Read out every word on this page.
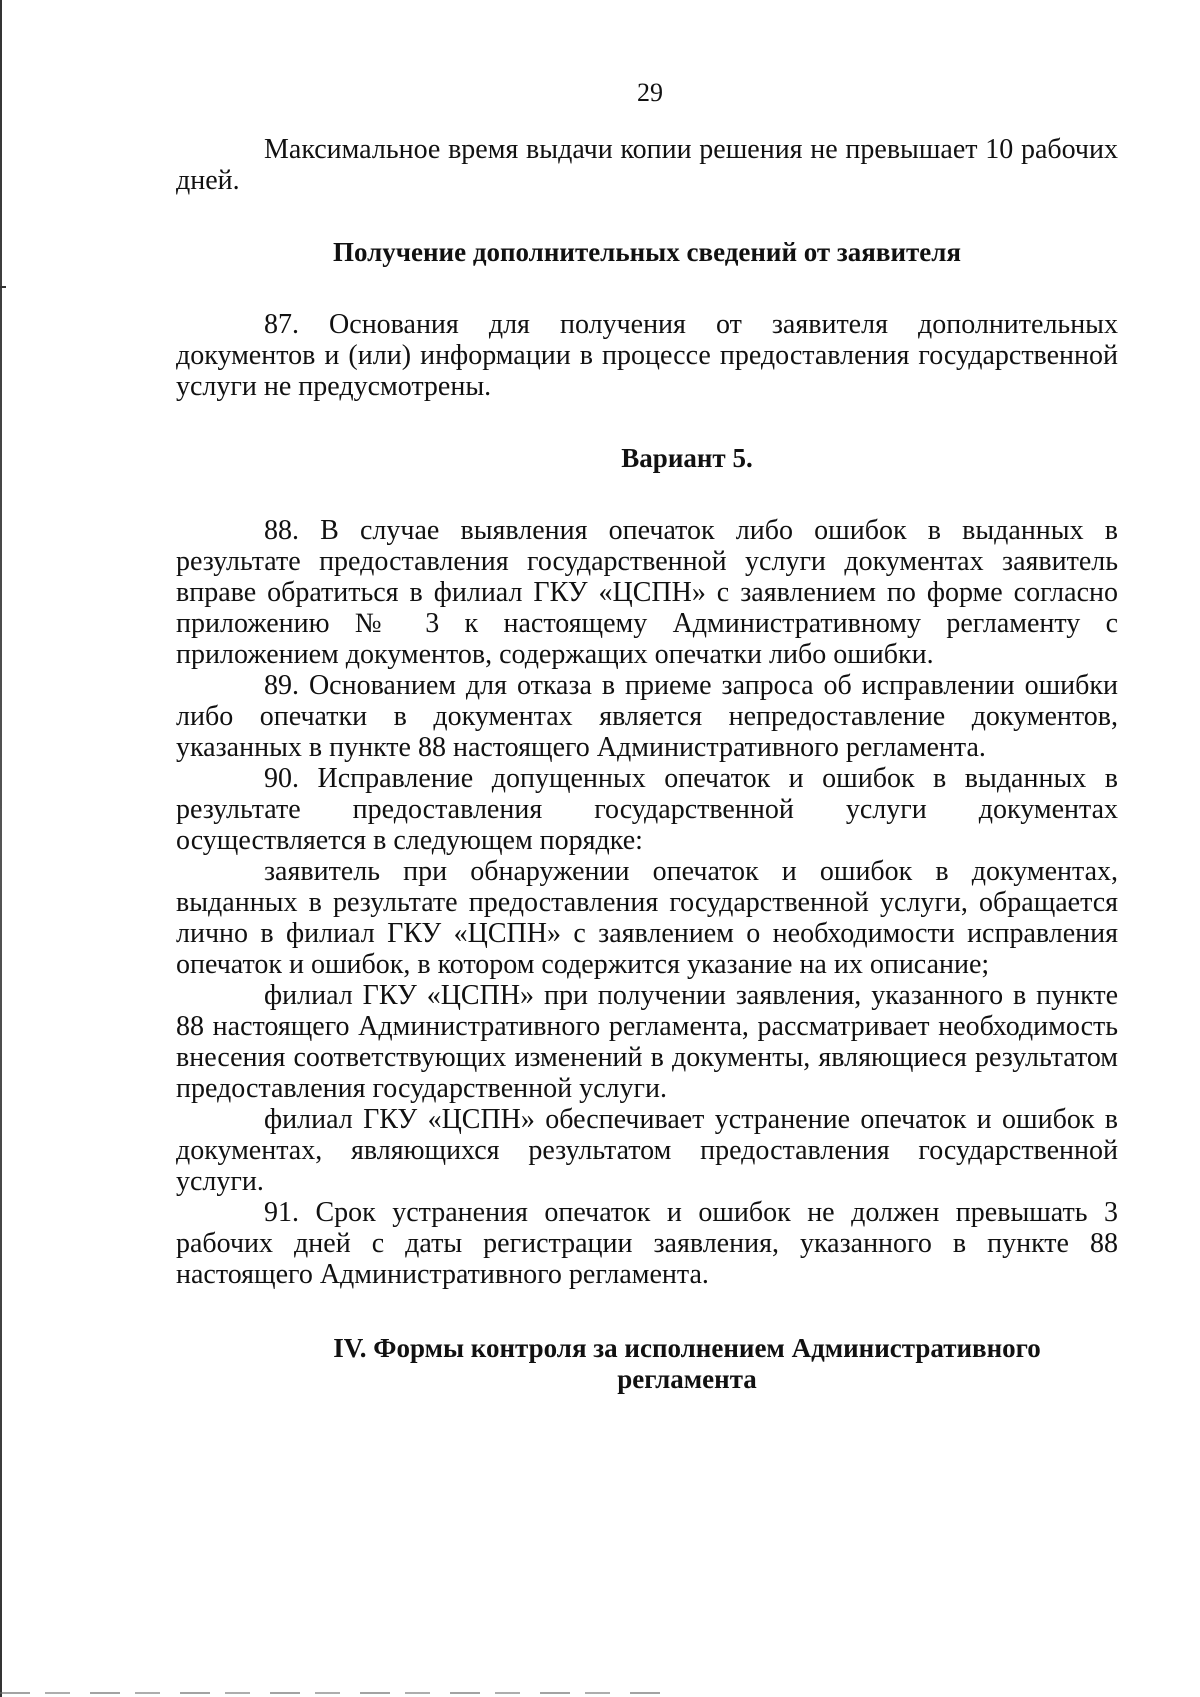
29

Максимальное время выдачи копии решения не превышает 10 рабочих дней.

Получение дополнительных сведений от заявителя

87. Основания для получения от заявителя дополнительных документов и (или) информации в процессе предоставления государственной услуги не предусмотрены.

Вариант 5.

88. В случае выявления опечаток либо ошибок в выданных в результате предоставления государственной услуги документах заявитель вправе обратиться в филиал ГКУ «ЦСПН» с заявлением по форме согласно приложению № 3 к настоящему Административному регламенту с приложением документов, содержащих опечатки либо ошибки.

89. Основанием для отказа в приеме запроса об исправлении ошибки либо опечатки в документах является непредоставление документов, указанных в пункте 88 настоящего Административного регламента.

90. Исправление допущенных опечаток и ошибок в выданных в результате предоставления государственной услуги документах осуществляется в следующем порядке:

заявитель при обнаружении опечаток и ошибок в документах, выданных в результате предоставления государственной услуги, обращается лично в филиал ГКУ «ЦСПН» с заявлением о необходимости исправления опечаток и ошибок, в котором содержится указание на их описание;

филиал ГКУ «ЦСПН» при получении заявления, указанного в пункте 88 настоящего Административного регламента, рассматривает необходимость внесения соответствующих изменений в документы, являющиеся результатом предоставления государственной услуги.

филиал ГКУ «ЦСПН» обеспечивает устранение опечаток и ошибок в документах, являющихся результатом предоставления государственной услуги.

91. Срок устранения опечаток и ошибок не должен превышать 3 рабочих дней с даты регистрации заявления, указанного в пункте 88 настоящего Административного регламента.

IV. Формы контроля за исполнением Административного
регламента
